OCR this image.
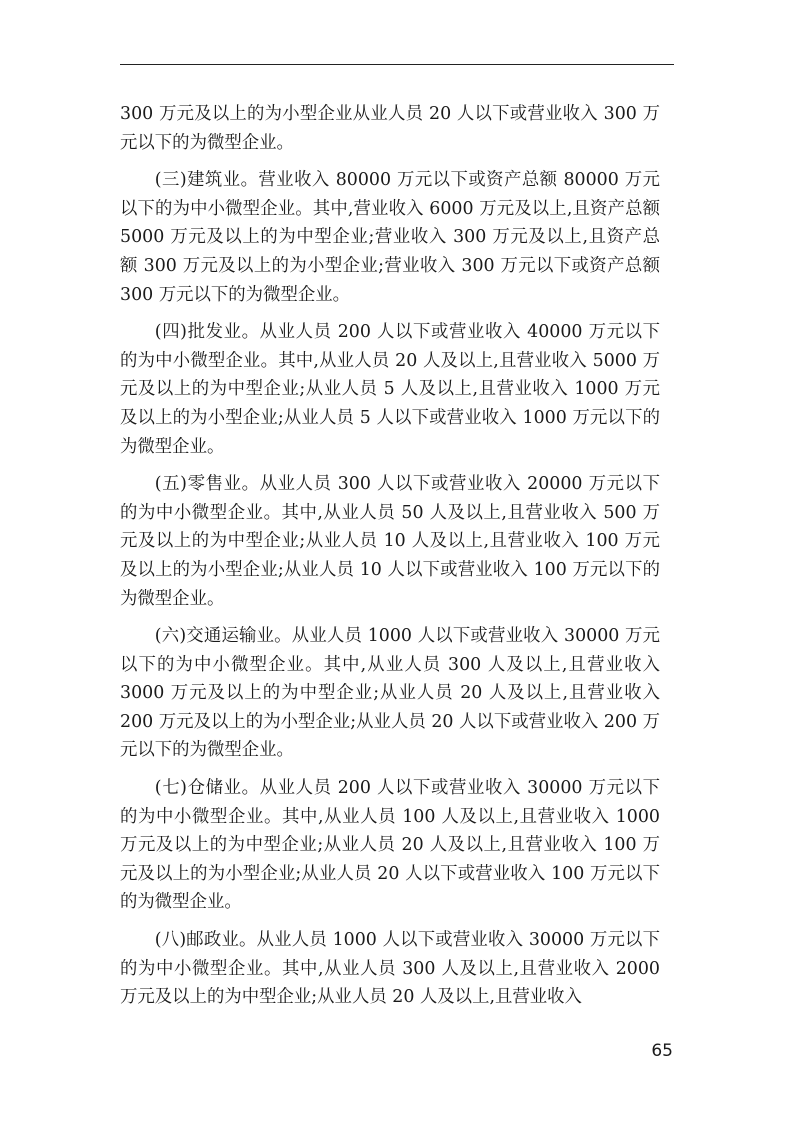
300 万元及以上的为小型企业从业人员 20 人以下或营业收入 300 万元以下的为微型企业。

(三)建筑业。营业收入 80000 万元以下或资产总额 80000 万元以下的为中小微型企业。其中,营业收入 6000 万元及以上,且资产总额 5000 万元及以上的为中型企业;营业收入 300 万元及以上,且资产总额 300 万元及以上的为小型企业;营业收入 300 万元以下或资产总额 300 万元以下的为微型企业。

(四)批发业。从业人员 200 人以下或营业收入 40000 万元以下的为中小微型企业。其中,从业人员 20 人及以上,且营业收入 5000 万元及以上的为中型企业;从业人员 5 人及以上,且营业收入 1000 万元及以上的为小型企业;从业人员 5 人以下或营业收入 1000 万元以下的为微型企业。

(五)零售业。从业人员 300 人以下或营业收入 20000 万元以下的为中小微型企业。其中,从业人员 50 人及以上,且营业收入 500 万元及以上的为中型企业;从业人员 10 人及以上,且营业收入 100 万元及以上的为小型企业;从业人员 10 人以下或营业收入 100 万元以下的为微型企业。

(六)交通运输业。从业人员 1000 人以下或营业收入 30000 万元以下的为中小微型企业。其中,从业人员 300 人及以上,且营业收入 3000 万元及以上的为中型企业;从业人员 20 人及以上,且营业收入 200 万元及以上的为小型企业;从业人员 20 人以下或营业收入 200 万元以下的为微型企业。

(七)仓储业。从业人员 200 人以下或营业收入 30000 万元以下的为中小微型企业。其中,从业人员 100 人及以上,且营业收入 1000 万元及以上的为中型企业;从业人员 20 人及以上,且营业收入 100 万元及以上的为小型企业;从业人员 20 人以下或营业收入 100 万元以下的为微型企业。

(八)邮政业。从业人员 1000 人以下或营业收入 30000 万元以下的为中小微型企业。其中,从业人员 300 人及以上,且营业收入 2000 万元及以上的为中型企业;从业人员 20 人及以上,且营业收入

65
